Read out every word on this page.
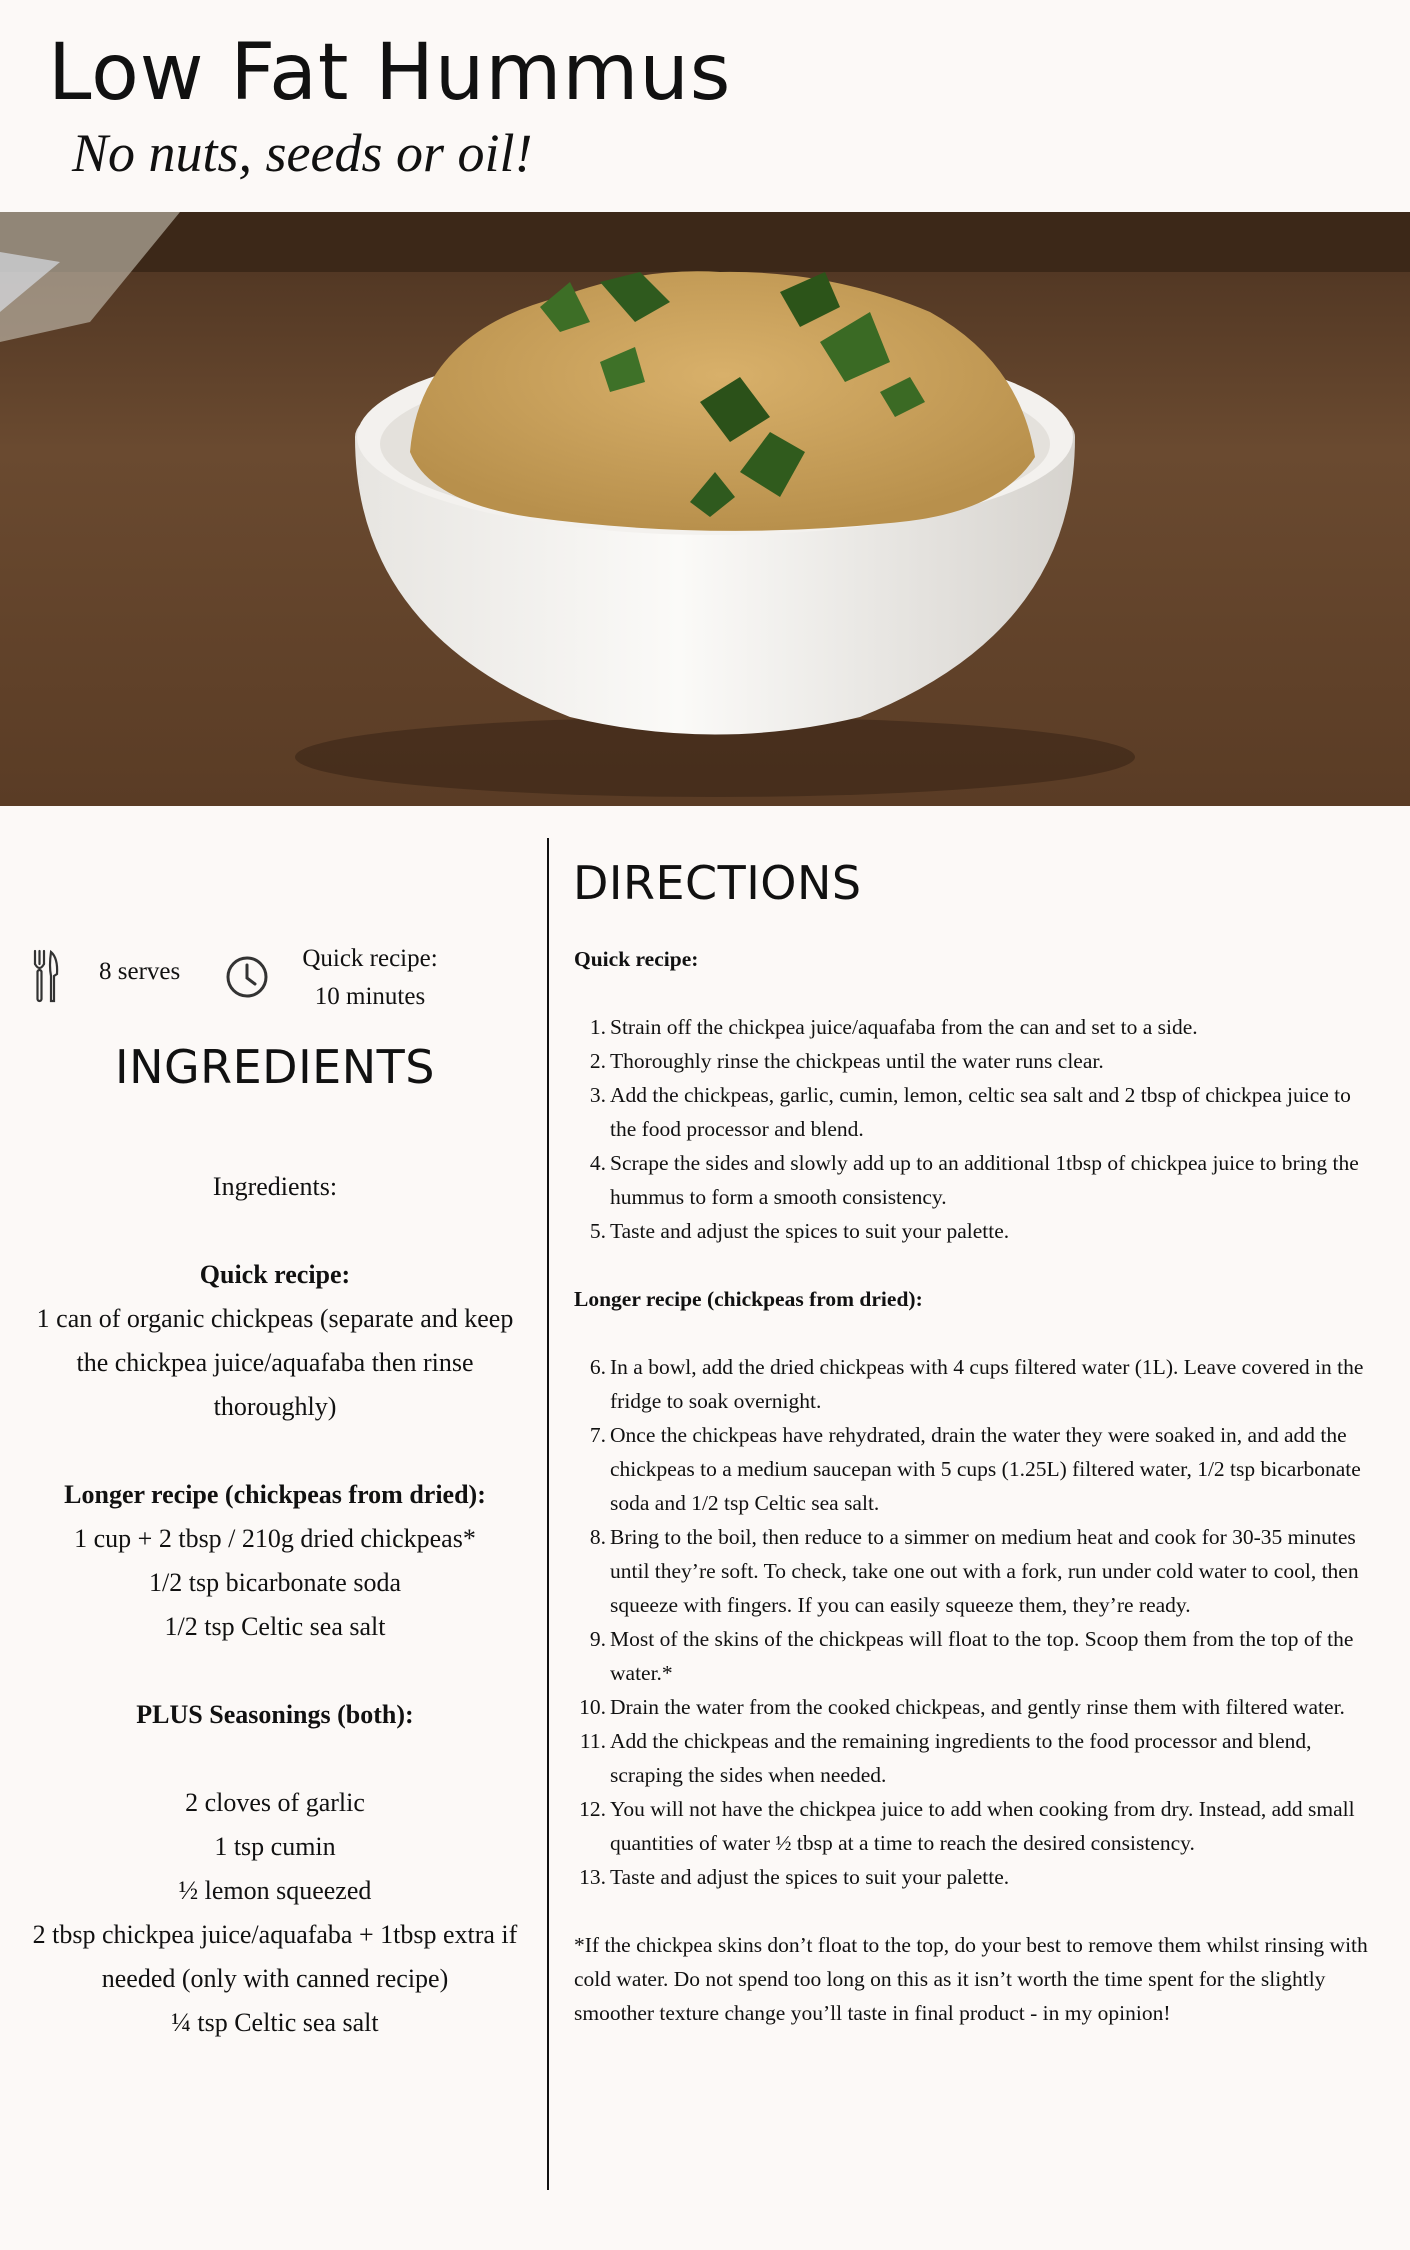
Low Fat Hummus
No nuts, seeds or oil!
8 serves	Quick recipe:
10 minutes
INGREDIENTS
Ingredients:
Quick recipe:
1 can of organic chickpeas (separate and keep the chickpea juice/aquafaba then rinse thoroughly)
Longer recipe (chickpeas from dried):
1 cup + 2 tbsp / 210g dried chickpeas*
1/2 tsp bicarbonate soda
1/2 tsp Celtic sea salt
PLUS Seasonings (both):
2 cloves of garlic
1 tsp cumin
½ lemon squeezed
2 tbsp chickpea juice/aquafaba + 1tbsp extra if needed (only with canned recipe)
¼ tsp Celtic sea salt
DIRECTIONS
Quick recipe:
1. Strain off the chickpea juice/aquafaba from the can and set to a side.
2. Thoroughly rinse the chickpeas until the water runs clear.
3. Add the chickpeas, garlic, cumin, lemon, celtic sea salt and 2 tbsp of chickpea juice to the food processor and blend.
4. Scrape the sides and slowly add up to an additional 1tbsp of chickpea juice to bring the hummus to form a smooth consistency.
5. Taste and adjust the spices to suit your palette.
Longer recipe (chickpeas from dried):
6. In a bowl, add the dried chickpeas with 4 cups filtered water (1L). Leave covered in the fridge to soak overnight.
7. Once the chickpeas have rehydrated, drain the water they were soaked in, and add the chickpeas to a medium saucepan with 5 cups (1.25L) filtered water, 1/2 tsp bicarbonate soda and 1/2 tsp Celtic sea salt.
8. Bring to the boil, then reduce to a simmer on medium heat and cook for 30-35 minutes until they’re soft. To check, take one out with a fork, run under cold water to cool, then squeeze with fingers. If you can easily squeeze them, they’re ready.
9. Most of the skins of the chickpeas will float to the top. Scoop them from the top of the water.*
10. Drain the water from the cooked chickpeas, and gently rinse them with filtered water.
11. Add the chickpeas and the remaining ingredients to the food processor and blend, scraping the sides when needed.
12. You will not have the chickpea juice to add when cooking from dry. Instead, add small quantities of water ½ tbsp at a time to reach the desired consistency.
13. Taste and adjust the spices to suit your palette.
*If the chickpea skins don’t float to the top, do your best to remove them whilst rinsing with cold water. Do not spend too long on this as it isn’t worth the time spent for the slightly smoother texture change you’ll taste in final product - in my opinion!
